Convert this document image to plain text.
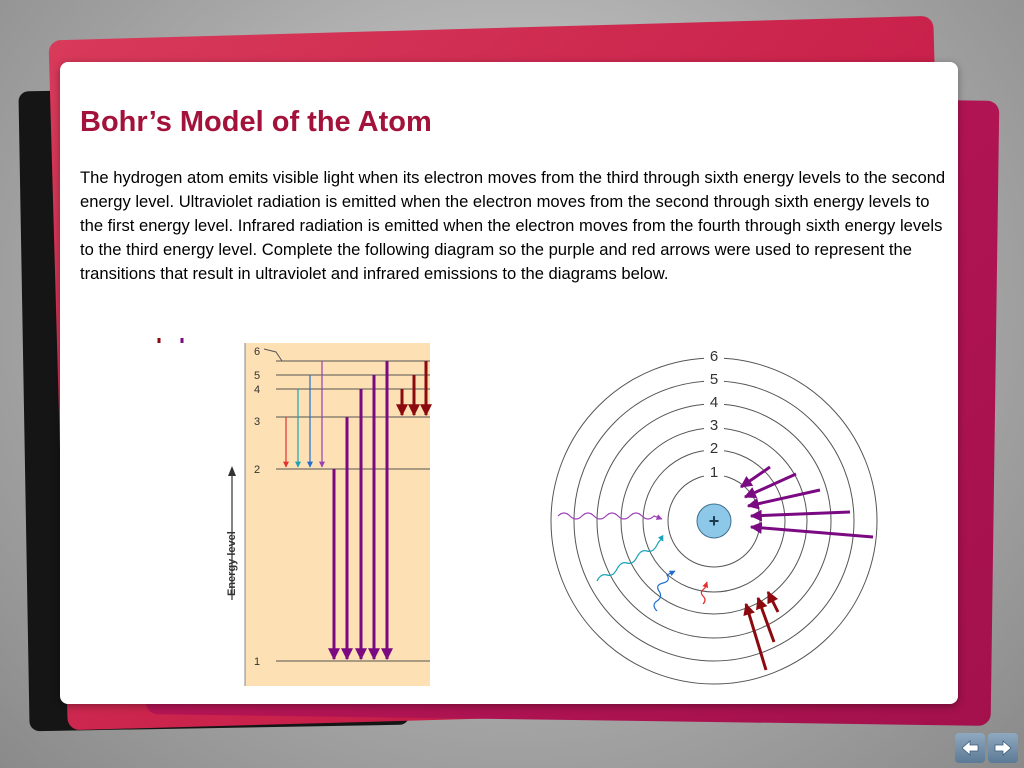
Bohr’s Model of the Atom

The hydrogen atom emits visible light when its electron moves from the third through sixth energy levels to the second energy level. Ultraviolet radiation is emitted when the electron moves from the second through sixth energy levels to the first energy level. Infrared radiation is emitted when the electron moves from the fourth through sixth energy levels to the third energy level. Complete the following diagram so the purple and red arrows were used to represent the transitions that result in ultraviolet and infrared emissions to the diagrams below.

Energy level
6
5
4
3
2
1
+
6
5
4
3
2
1
